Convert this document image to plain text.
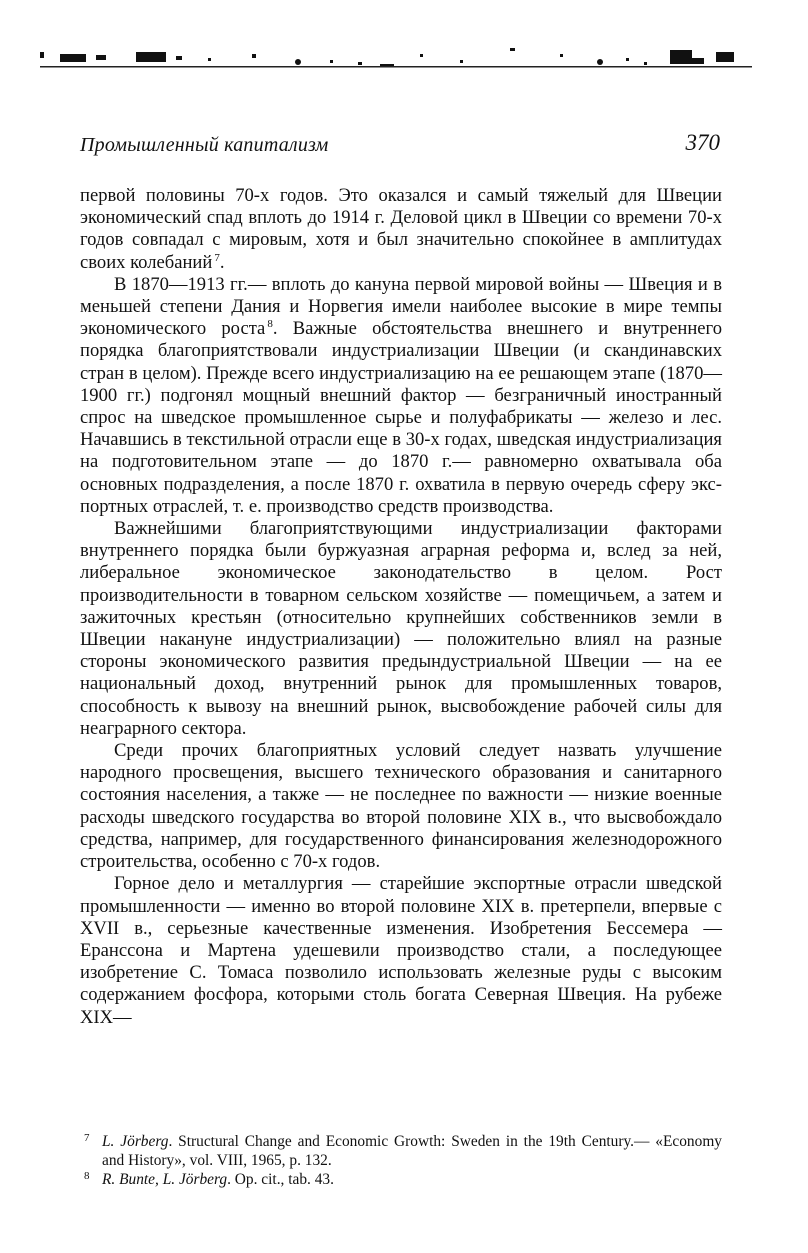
Промышленный капитализм	370

первой половины 70-х годов. Это оказался и самый тяжелый для Швеции экономический спад вплоть до 1914 г. Деловой цикл в Швеции со времени 70-х годов совпадал с мировым, хотя и был значительно спокойнее в амплитудах своих колебаний $^7$.

В 1870—1913 гг.— вплоть до кануна первой мировой войны — Швеция и в меньшей степени Дания и Норвегия имели наиболее высокие в мире темпы экономического роста $^8$. Важные обстоятельства внешнего и внутреннего порядка благоприятствовали индустриализации Швеции (и скандинавских стран в целом). Прежде всего индустриализацию на ее решающем этапе (1870—1900 гг.) подгонял мощный внешний фактор — безграничный иностранный спрос на шведское промышленное сырье и полуфабрикаты — железо и лес. Начавшись в текстильной отрасли еще в 30-х годах, шведская индустриализация на подготовительном этапе — до 1870 г.— равномерно охватывала оба основных подразделения, а после 1870 г. охватила в первую очередь сферу экспортных отраслей, т. е. производство средств производства.

Важнейшими благоприятствующими индустриализации факторами внутреннего порядка были буржуазная аграрная реформа и, вслед за ней, либеральное экономическое законодательство в целом. Рост производительности в товарном сельском хозяйстве — помещичьем, а затем и зажиточных крестьян (относительно крупнейших собственников земли в Швеции накануне индустриализации) — положительно влиял на разные стороны экономического развития предындустриальной Швеции — на ее национальный доход, внутренний рынок для промышленных товаров, способность к вывозу на внешний рынок, высвобождение рабочей силы для неаграрного сектора.

Среди прочих благоприятных условий следует назвать улучшение народного просвещения, высшего технического образования и санитарного состояния населения, а также — не последнее по важности — низкие военные расходы шведского государства во второй половине XIX в., что высвобождало средства, например, для государственного финансирования железнодорожного строительства, особенно с 70-х годов.

Горное дело и металлургия — старейшие экспортные отрасли шведской промышленности — именно во второй половине XIX в. претерпели, впервые с XVII в., серьезные качественные изменения. Изобретения Бессемера — Еранссона и Мартена удешевили производство стали, а последующее изобретение С. Томаса позволило использовать железные руды с высоким содержанием фосфора, которыми столь богата Северная Швеция. На рубеже XIX—

7 L. Jörberg. Structural Change and Economic Growth: Sweden in the 19th Century.— «Economy and History», vol. VIII, 1965, p. 132.

8 R. Bunte, L. Jörberg. Op. cit., tab. 43.
